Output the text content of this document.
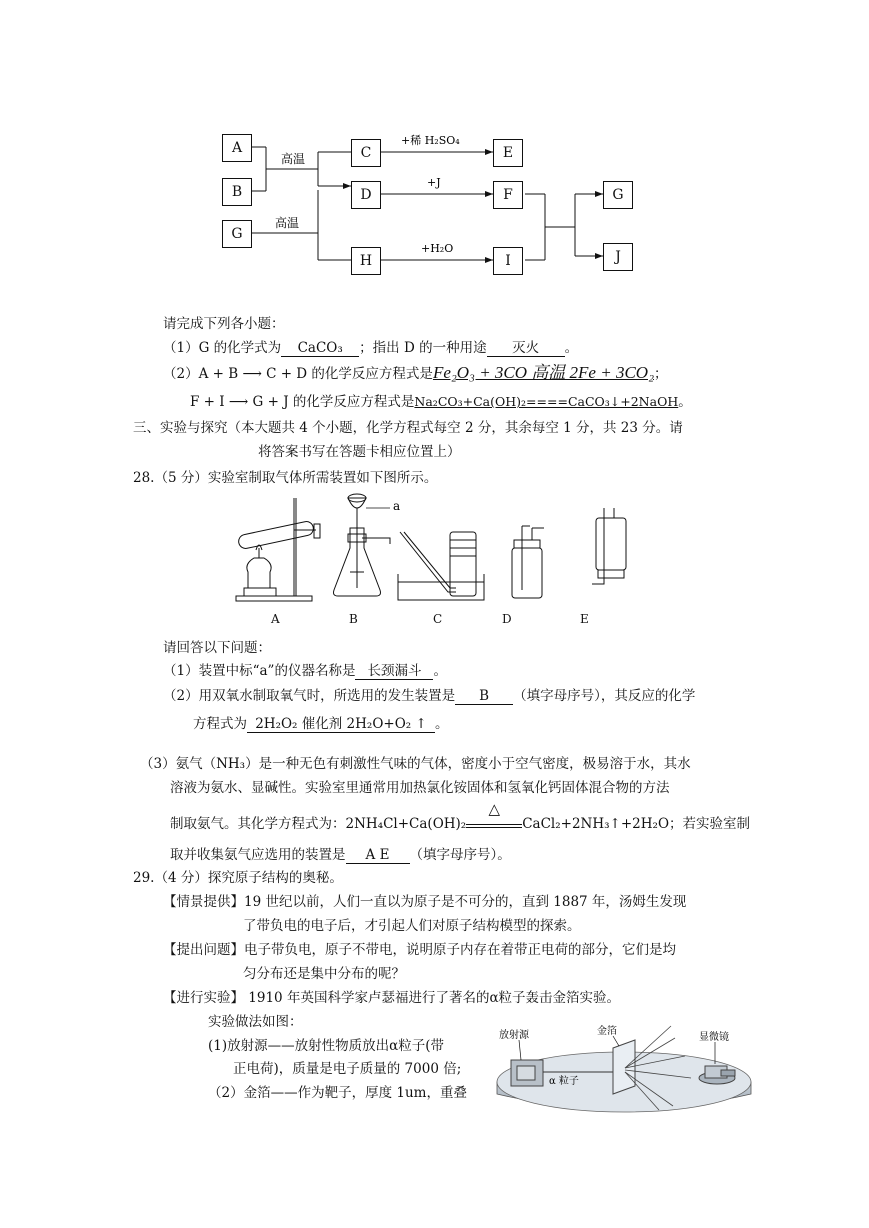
高温
高温
+稀 H₂SO₄
+J
+H₂O
A
B
G
C
D
H
E
F
I
G
J
请完成下列各小题：
（1）G 的化学式为 CaCO₃ ；指出 D 的一种用途 灭火 。
（2）A + B ⟶ C + D 的化学反应方程式是Fe₂O₃ + 3CO 高温 2Fe + 3CO₂；
F + I ⟶ G + J 的化学反应方程式是Na₂CO₃+Ca(OH)₂====CaCO₃↓+2NaOH。
三、实验与探究（本大题共 4 个小题，化学方程式每空 2 分，其余每空 1 分，共 23 分。请
将答案书写在答题卡相应位置上）
28.（5 分）实验室制取气体所需装置如下图所示。
a
A	B	C	D	E
请回答以下问题：
（1）装置中标“a”的仪器名称是 长颈漏斗 。
（2）用双氧水制取氧气时，所选用的发生装置是 B （填字母序号），其反应的化学
方程式为 2H₂O₂ 催化剂 2H₂O+O₂ ↑ 。
（3）氨气（NH₃）是一种无色有刺激性气味的气体，密度小于空气密度，极易溶于水，其水
溶液为氨水、显碱性。实验室里通常用加热氯化铵固体和氢氧化钙固体混合物的方法
制取氨气。其化学方程式为：2NH₄Cl+Ca(OH)₂
△
CaCl₂+2NH₃↑+2H₂O；若实验室制
取并收集氨气应选用的装置是 A E （填字母序号）。
29.（4 分）探究原子结构的奥秘。
【情景提供】19 世纪以前，人们一直以为原子是不可分的，直到 1887 年，汤姆生发现
了带负电的电子后，才引起人们对原子结构模型的探索。
【提出问题】电子带负电，原子不带电，说明原子内存在着带正电荷的部分，它们是均
匀分布还是集中分布的呢？
【进行实验】 1910 年英国科学家卢瑟福进行了著名的α粒子轰击金箔实验。
实验做法如图：
(1)放射源——放射性物质放出α粒子(带
正电荷)，质量是电子质量的 7000 倍;
（2）金箔——作为靶子，厚度 1um，重叠
放射源	金箔
显微镜
α 粒子
